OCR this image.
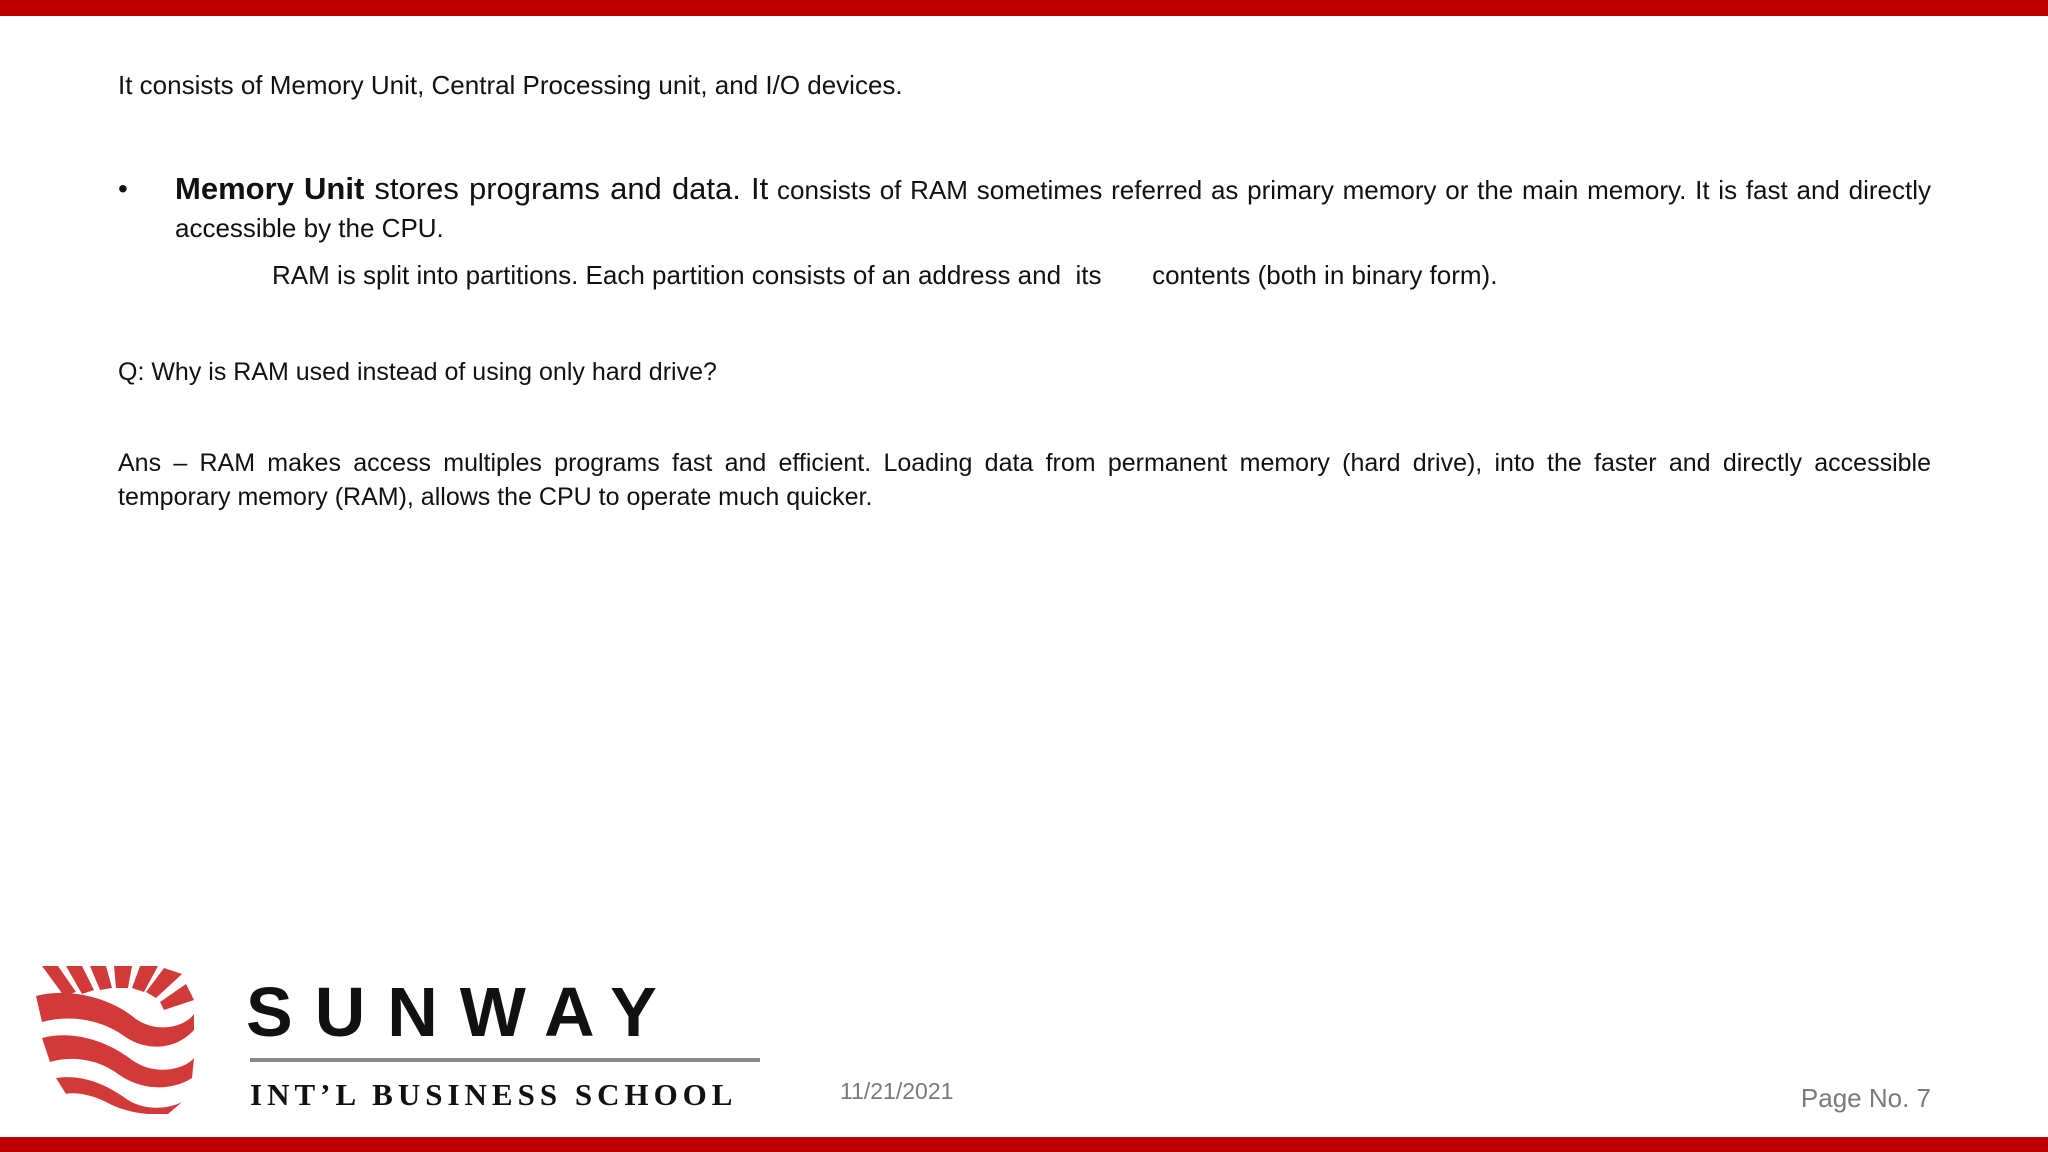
It consists of Memory Unit, Central Processing unit, and I/O devices.
• Memory Unit stores programs and data. It consists of RAM sometimes referred as primary memory or the main memory. It is fast and directly accessible by the CPU.
RAM is split into partitions. Each partition consists of an address and  its       contents (both in binary form).
Q: Why is RAM used instead of using only hard drive?
Ans – RAM makes access multiples programs fast and efficient. Loading data from permanent memory (hard drive), into the faster and directly accessible temporary memory (RAM), allows the CPU to operate much quicker.
SUNWAY
INT’L BUSINESS SCHOOL	11/21/2021	Page No. 7
